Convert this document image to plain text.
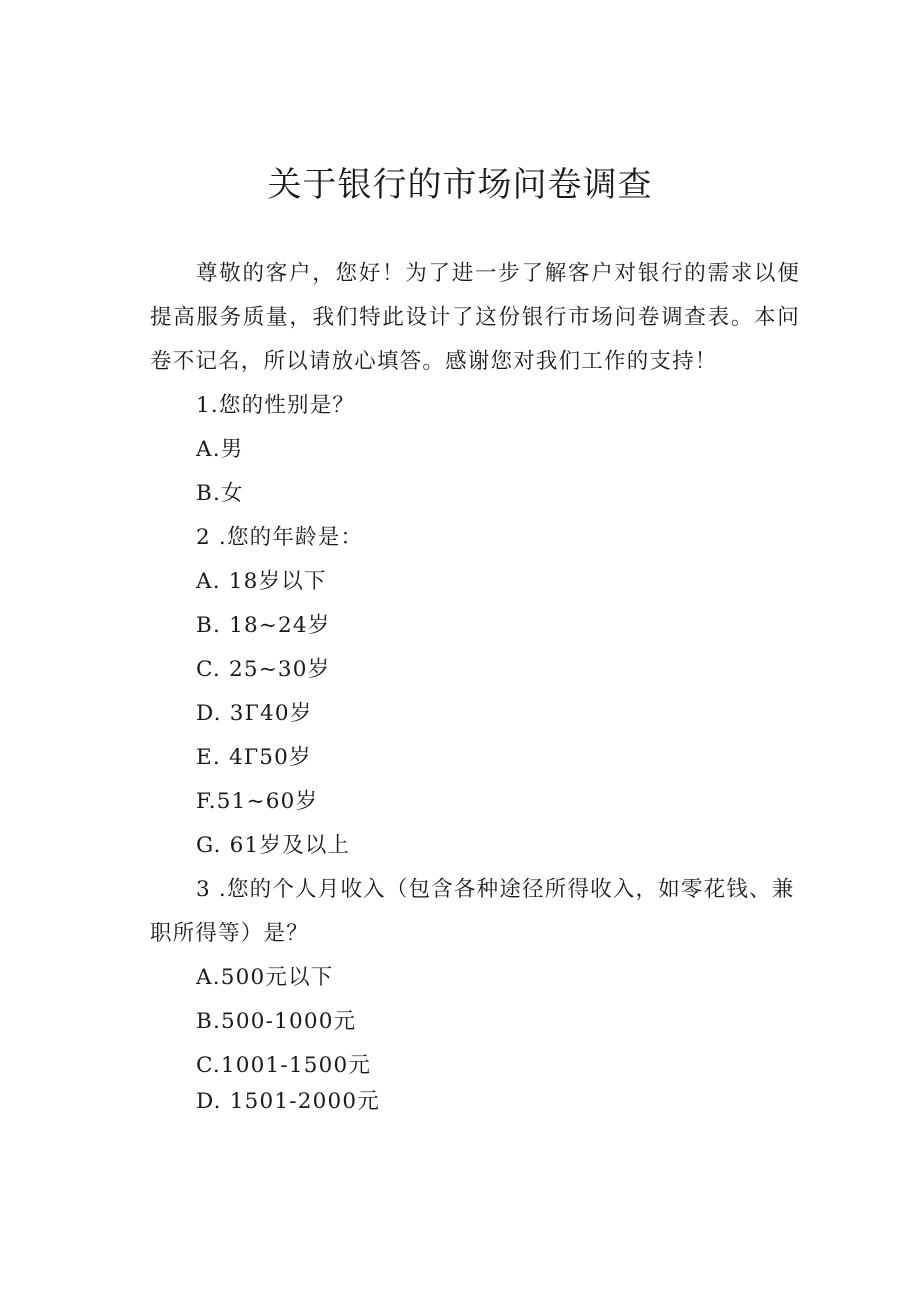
关于银行的市场问卷调查

尊敬的客户，您好！为了进一步了解客户对银行的需求以便提高服务质量，我们特此设计了这份银行市场问卷调查表。本问卷不记名，所以请放心填答。感谢您对我们工作的支持！

1.您的性别是？

A.男

B.女

2 .您的年龄是：

A. 18岁以下

B. 18~24岁

C. 25~30岁

D. 3Г40岁

E. 4Г50岁

F.51~60岁

G. 61岁及以上

3 .您的个人月收入（包含各种途径所得收入，如零花钱、兼职所得等）是？

A.500元以下

B.500-1000元

C.1001-1500元

D. 1501-2000元
